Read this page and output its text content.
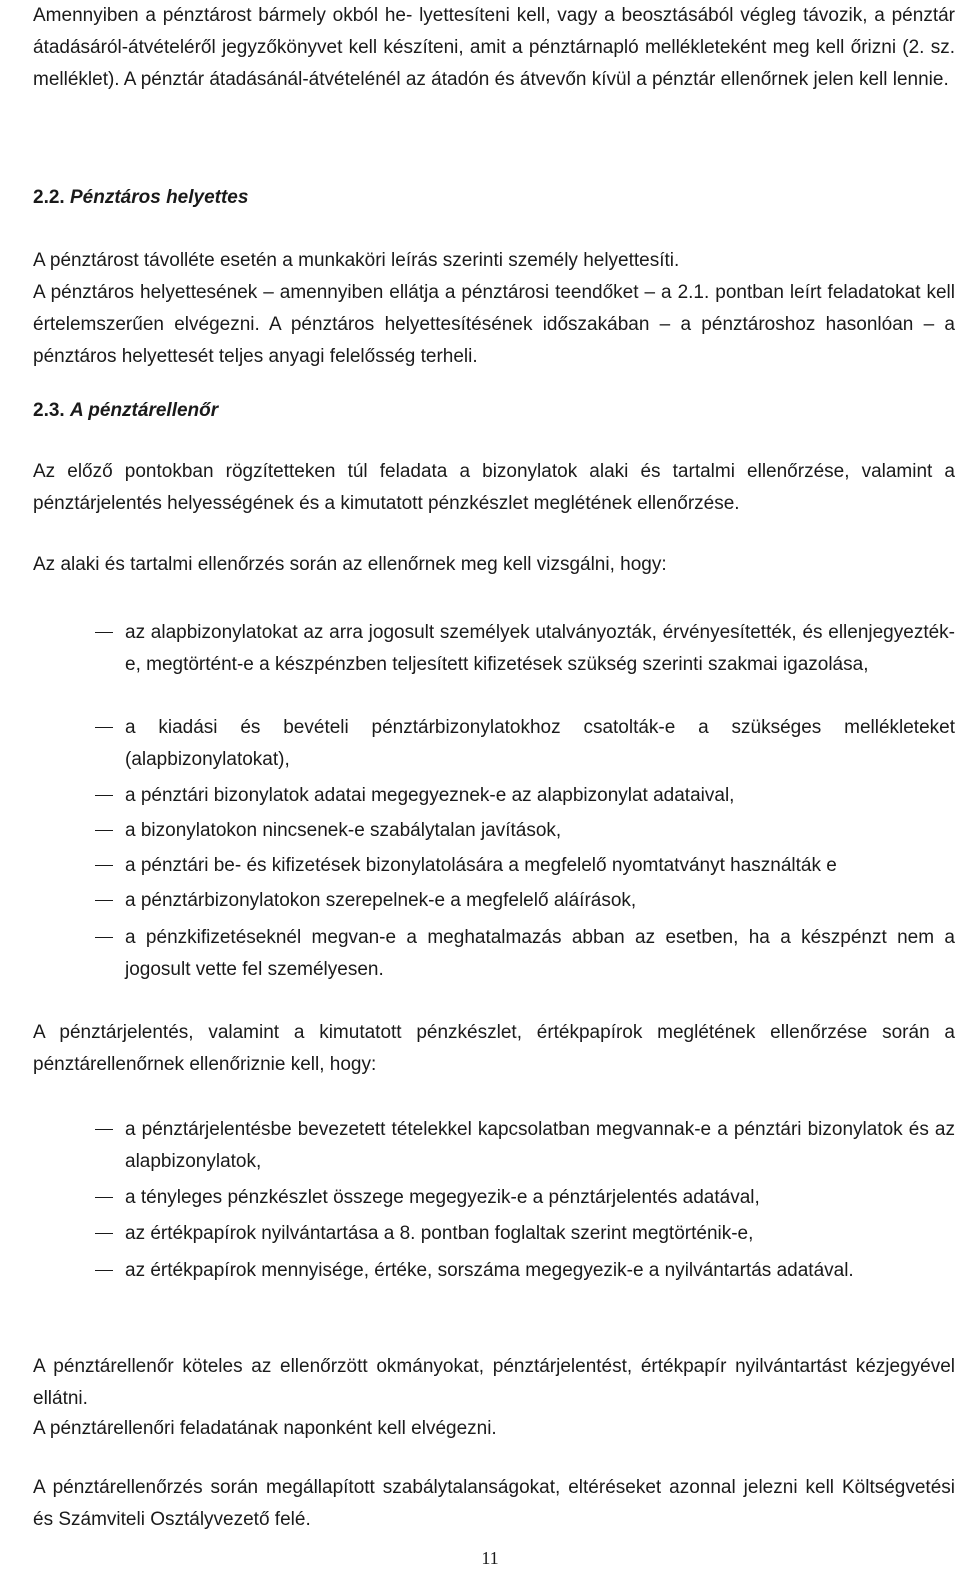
Amennyiben a pénztárost bármely okból he- lyettesíteni kell, vagy a beosztásából végleg távozik, a pénztár átadásáról-átvételéről jegyzőkönyvet kell készíteni, amit a pénztárnapló mellékleteként meg kell őrizni (2. sz. melléklet). A pénztár átadásánál-átvételénél az átadón és átvevőn kívül a pénztár ellenőrnek jelen kell lennie.

2.2. Pénztáros helyettes

A pénztárost távolléte esetén a munkaköri leírás szerinti személy helyettesíti.

A pénztáros helyettesének – amennyiben ellátja a pénztárosi teendőket – a 2.1. pontban leírt feladatokat kell értelemszerűen elvégezni. A pénztáros helyettesítésének időszakában – a pénztároshoz hasonlóan – a pénztáros helyettesét teljes anyagi felelősség terheli.

2.3. A pénztárellenőr

Az előző pontokban rögzítetteken túl feladata a bizonylatok alaki és tartalmi ellenőrzése, valamint a pénztárjelentés helyességének és a kimutatott pénzkészlet meglétének ellenőrzése.

Az alaki és tartalmi ellenőrzés során az ellenőrnek meg kell vizsgálni, hogy:

az alapbizonylatokat az arra jogosult személyek utalványozták, érvényesítették, és ellenjegyezték-e, megtörtént-e a készpénzben teljesített kifizetések szükség szerinti szakmai igazolása,

a kiadási és bevételi pénztárbizonylatokhoz csatolták-e a szükséges mellékleteket (alapbizonylatokat),

a pénztári bizonylatok adatai megegyeznek-e az alapbizonylat adataival,

a bizonylatokon nincsenek-e szabálytalan javítások,

a pénztári be- és kifizetések bizonylatolására a megfelelő nyomtatványt használták e

a pénztárbizonylatokon szerepelnek-e a megfelelő aláírások,

a pénzkifizetéseknél megvan-e a meghatalmazás abban az esetben, ha a készpénzt nem a jogosult vette fel személyesen.

A pénztárjelentés, valamint a kimutatott pénzkészlet, értékpapírok meglétének ellenőrzése során a pénztárellenőrnek ellenőriznie kell, hogy:

a pénztárjelentésbe bevezetett tételekkel kapcsolatban megvannak-e a pénztári bizonylatok és az alapbizonylatok,

a tényleges pénzkészlet összege megegyezik-e a pénztárjelentés adatával,

az értékpapírok nyilvántartása a 8. pontban foglaltak szerint megtörténik-e,

az értékpapírok mennyisége, értéke, sorszáma megegyezik-e a nyilvántartás adatával.

A pénztárellenőr köteles az ellenőrzött okmányokat, pénztárjelentést, értékpapír nyilvántartást kézjegyével ellátni.

A pénztárellenőri feladatának naponként kell elvégezni.

A pénztárellenőrzés során megállapított szabálytalanságokat, eltéréseket azonnal jelezni kell Költségvetési és Számviteli Osztályvezető felé.

11
